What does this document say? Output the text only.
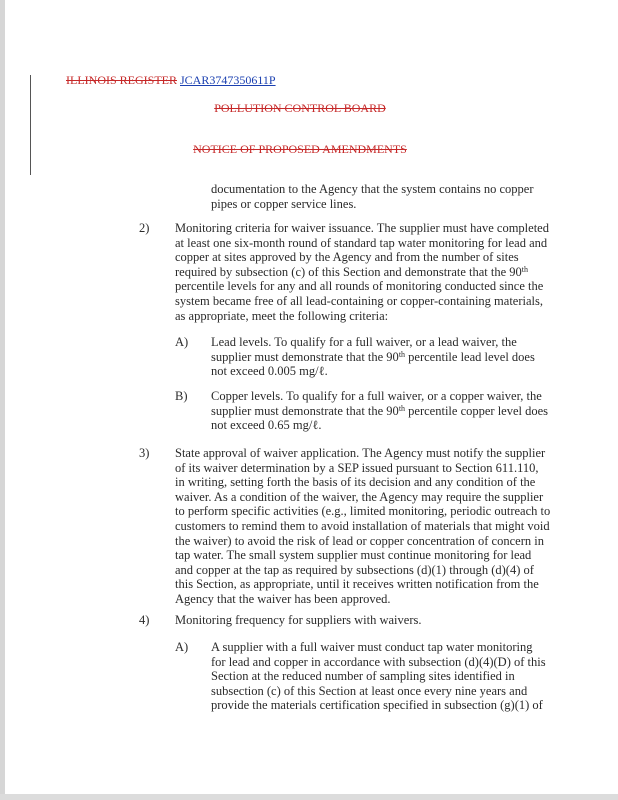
ILLINOIS REGISTER JCAR3747350611P
POLLUTION CONTROL BOARD
NOTICE OF PROPOSED AMENDMENTS
documentation to the Agency that the system contains no copper pipes or copper service lines.
2) Monitoring criteria for waiver issuance. The supplier must have completed at least one six-month round of standard tap water monitoring for lead and copper at sites approved by the Agency and from the number of sites required by subsection (c) of this Section and demonstrate that the 90th percentile levels for any and all rounds of monitoring conducted since the system became free of all lead-containing or copper-containing materials, as appropriate, meet the following criteria:
A) Lead levels. To qualify for a full waiver, or a lead waiver, the supplier must demonstrate that the 90th percentile lead level does not exceed 0.005 mg/ℓ.
B) Copper levels. To qualify for a full waiver, or a copper waiver, the supplier must demonstrate that the 90th percentile copper level does not exceed 0.65 mg/ℓ.
3) State approval of waiver application. The Agency must notify the supplier of its waiver determination by a SEP issued pursuant to Section 611.110, in writing, setting forth the basis of its decision and any condition of the waiver. As a condition of the waiver, the Agency may require the supplier to perform specific activities (e.g., limited monitoring, periodic outreach to customers to remind them to avoid installation of materials that might void the waiver) to avoid the risk of lead or copper concentration of concern in tap water. The small system supplier must continue monitoring for lead and copper at the tap as required by subsections (d)(1) through (d)(4) of this Section, as appropriate, until it receives written notification from the Agency that the waiver has been approved.
4) Monitoring frequency for suppliers with waivers.
A) A supplier with a full waiver must conduct tap water monitoring for lead and copper in accordance with subsection (d)(4)(D) of this Section at the reduced number of sampling sites identified in subsection (c) of this Section at least once every nine years and provide the materials certification specified in subsection (g)(1) of
